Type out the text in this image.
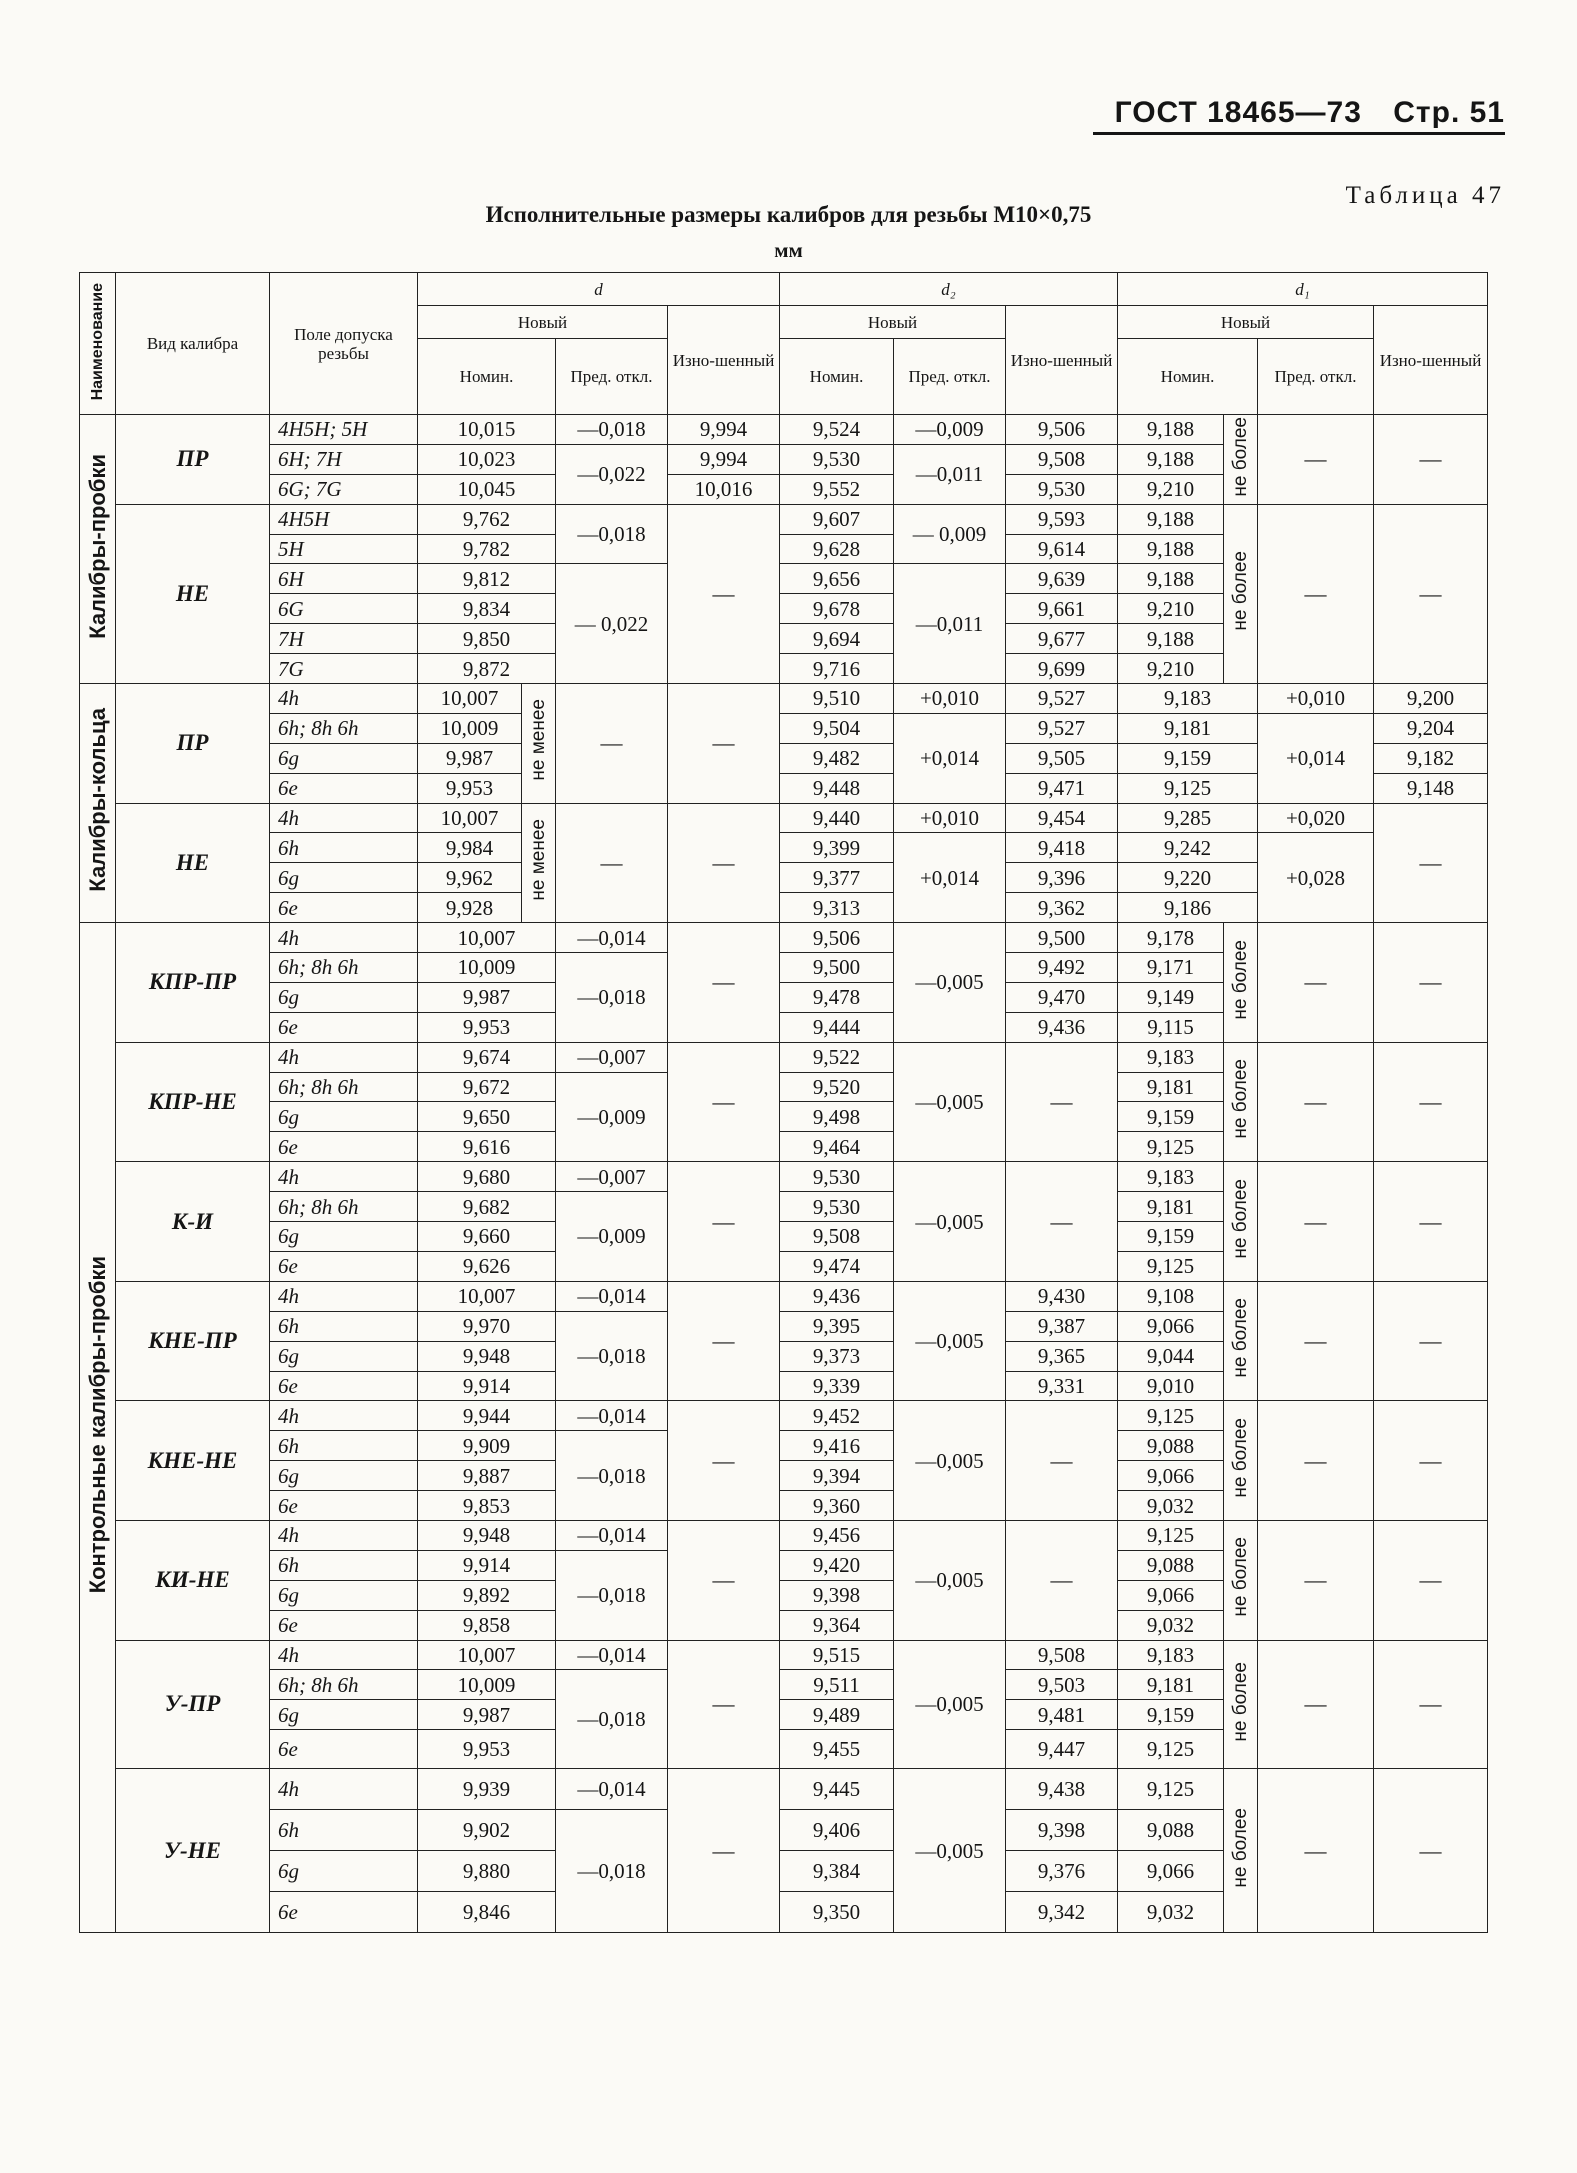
ГОСТ 18465—73 Стр. 51
Таблица 47
Исполнительные размеры калибров для резьбы М10×0,75
мм
Наименование	Вид калибра	Поле допуска резьбы	d				d₂			d₁			
			Новый			Изно-шенный	Новый		Изно-шенный	Новый			Изно-шенный
			Номин.		Пред. откл.		Номин.	Пред. откл.		Номин.		Пред. откл.	
Калибры-пробки	ПР	4H5H; 5H	10,015		—0,018	9,994	9,524	—0,009	9,506	9,188	не более	—	—
		6H; 7H	10,023		—0,022	9,994	9,530	—0,011	9,508	9,188			
		6G; 7G	10,045			10,016	9,552		9,530	9,210			
	НЕ	4H5H	9,762		—0,018	—	9,607	— 0,009	9,593	9,188	не более	—	—
		5H	9,782				9,628		9,614	9,188			
		6H	9,812		— 0,022		9,656	—0,011	9,639	9,188			
		6G	9,834				9,678		9,661	9,210			
		7H	9,850				9,694		9,677	9,188			
		7G	9,872				9,716		9,699	9,210			
Калибры-кольца	ПР	4h	10,007	не менее	—	—	9,510	+0,010	9,527	9,183		+0,010	9,200
		6h; 8h 6h	10,009				9,504	+0,014	9,527	9,181		+0,014	9,204
		6g	9,987				9,482		9,505	9,159			9,182
		6e	9,953				9,448		9,471	9,125			9,148
	НЕ	4h	10,007	не менее	—	—	9,440	+0,010	9,454	9,285		+0,020	—
		6h	9,984				9,399	+0,014	9,418	9,242		+0,028	
		6g	9,962				9,377		9,396	9,220			
		6e	9,928				9,313		9,362	9,186			
Контрольные калибры-пробки	КПР-ПР	4h	10,007		—0,014	—	9,506	—0,005	9,500	9,178	не более	—	—
		6h; 8h 6h	10,009		—0,018		9,500		9,492	9,171			
		6g	9,987				9,478		9,470	9,149			
		6e	9,953				9,444		9,436	9,115			
	КПР-НЕ	4h	9,674		—0,007	—	9,522	—0,005	—	9,183	не более	—	—
		6h; 8h 6h	9,672		—0,009		9,520			9,181			
		6g	9,650				9,498			9,159			
		6e	9,616				9,464			9,125			
	К-И	4h	9,680		—0,007	—	9,530	—0,005	—	9,183	не более	—	—
		6h; 8h 6h	9,682		—0,009		9,530			9,181			
		6g	9,660				9,508			9,159			
		6e	9,626				9,474			9,125			
	КНЕ-ПР	4h	10,007		—0,014	—	9,436	—0,005	9,430	9,108	не более	—	—
		6h	9,970		—0,018		9,395		9,387	9,066			
		6g	9,948				9,373		9,365	9,044			
		6e	9,914				9,339		9,331	9,010			
	КНЕ-НЕ	4h	9,944		—0,014	—	9,452	—0,005	—	9,125	не более	—	—
		6h	9,909		—0,018		9,416			9,088			
		6g	9,887				9,394			9,066			
		6e	9,853				9,360			9,032			
	КИ-НЕ	4h	9,948		—0,014	—	9,456	—0,005	—	9,125	не более	—	—
		6h	9,914		—0,018		9,420			9,088			
		6g	9,892				9,398			9,066			
		6e	9,858				9,364			9,032			
	У-ПР	4h	10,007		—0,014	—	9,515	—0,005	9,508	9,183	не более	—	—
		6h; 8h 6h	10,009		—0,018		9,511		9,503	9,181			
		6g	9,987				9,489		9,481	9,159			
		6e	9,953				9,455		9,447	9,125			
	У-НЕ	4h	9,939		—0,014	—	9,445	—0,005	9,438	9,125	не более	—	—
		6h	9,902		—0,018		9,406		9,398	9,088			
		6g	9,880				9,384		9,376	9,066			
		6e	9,846				9,350		9,342	9,032			
